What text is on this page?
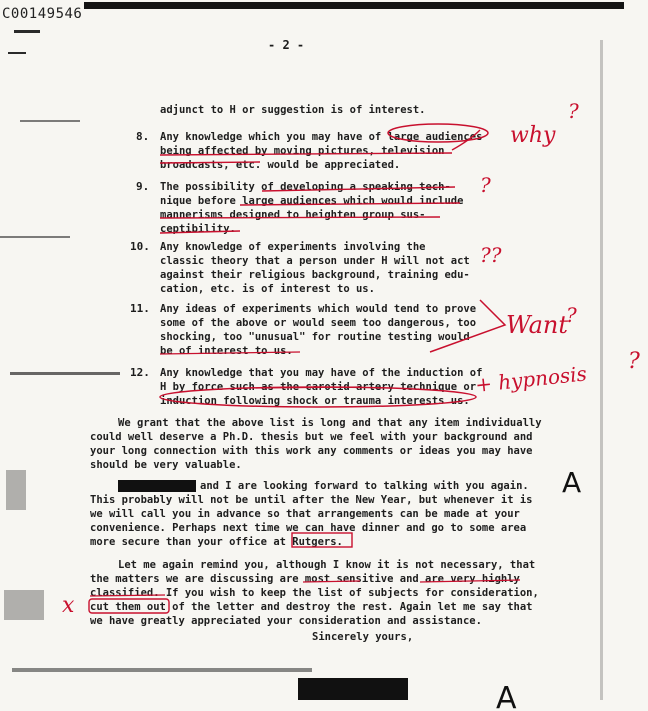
C00149546
- 2 -
adjunct to H or suggestion is of interest.
8. Any knowledge which you may have of large audiences
being affected by moving pictures, television
broadcasts, etc. would be appreciated.
9. The possibility of developing a speaking tech-
nique before large audiences which would include
mannerisms designed to heighten group sus-
ceptibility.
10. Any knowledge of experiments involving the
classic theory that a person under H will not act
against their religious background, training edu-
cation, etc. is of interest to us.
11. Any ideas of experiments which would tend to prove
some of the above or would seem too dangerous, too
shocking, too "unusual" for routine testing would
be of interest to us.
12. Any knowledge that you may have of the induction of
H by force such as the carotid artery technique or
induction following shock or trauma interests us.
We grant that the above list is long and that any item individually
could well deserve a Ph.D. thesis but we feel with your background and
your long connection with this work any comments or ideas you may have
should be very valuable.
and I are looking forward to talking with you again.
This probably will not be until after the New Year, but whenever it is
we will call you in advance so that arrangements can be made at your
convenience. Perhaps next time we can have dinner and go to some area
more secure than your office at Rutgers.
Let me again remind you, although I know it is not necessary, that
the matters we are discussing are most sensitive and are very highly
classified. If you wish to keep the list of subjects for consideration,
cut them out of the letter and destroy the rest. Again let me say that
we have greatly appreciated your consideration and assistance.
Sincerely yours,
why
?
?
??
Want
?
+ hypnosis ?
x
A
A
